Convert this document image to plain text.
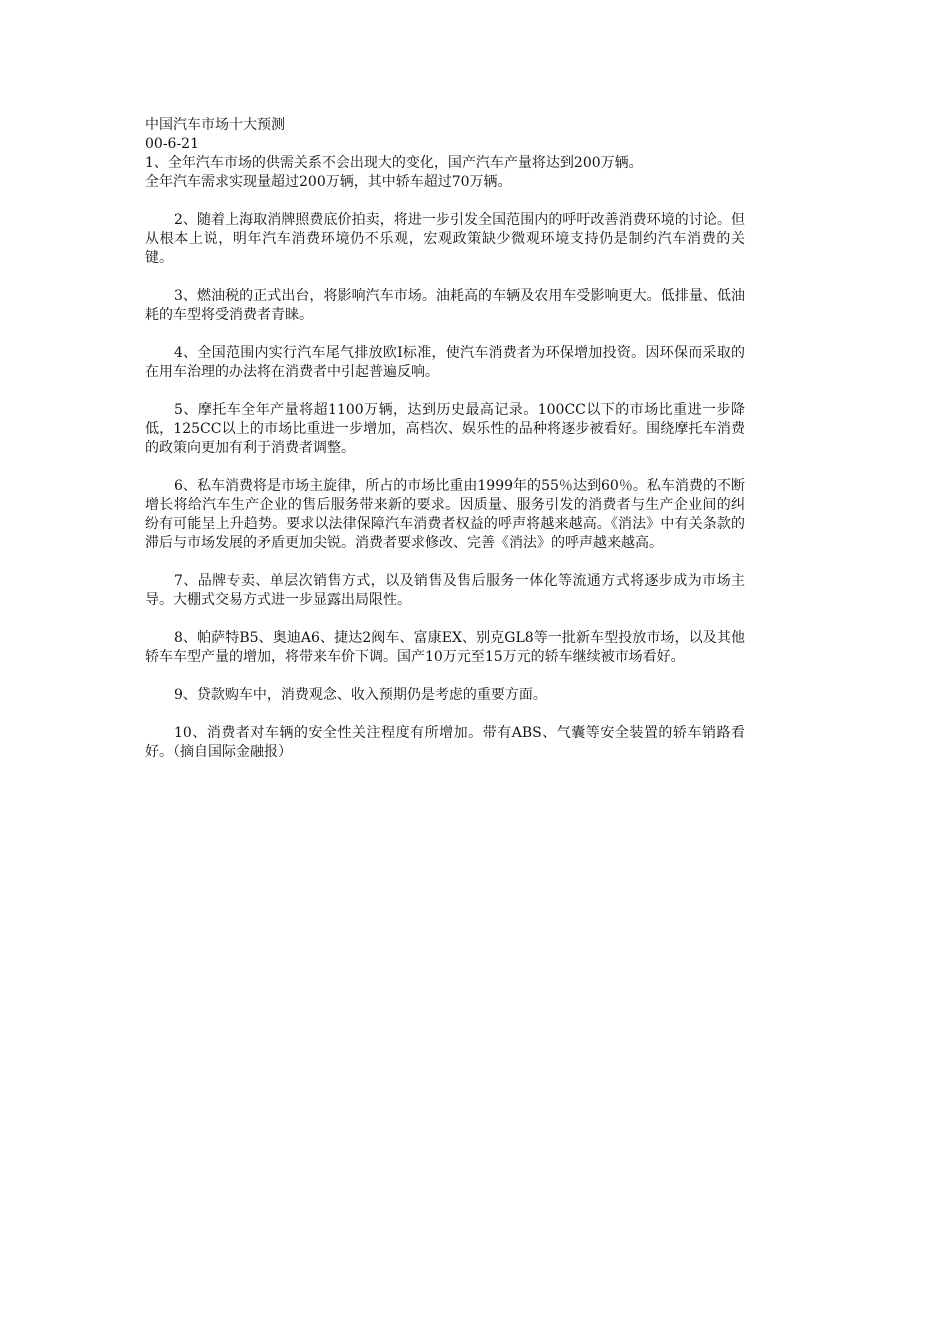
中国汽车市场十大预测
00-6-21
1、全年汽车市场的供需关系不会出现大的变化，国产汽车产量将达到200万辆。
全年汽车需求实现量超过200万辆，其中轿车超过70万辆。
2、随着上海取消牌照费底价拍卖，将进一步引发全国范围内的呼吁改善消费环境的讨论。但从根本上说，明年汽车消费环境仍不乐观，宏观政策缺少微观环境支持仍是制约汽车消费的关键。
3、燃油税的正式出台，将影响汽车市场。油耗高的车辆及农用车受影响更大。低排量、低油耗的车型将受消费者青睐。
4、全国范围内实行汽车尾气排放欧I标准，使汽车消费者为环保增加投资。因环保而采取的在用车治理的办法将在消费者中引起普遍反响。
5、摩托车全年产量将超1100万辆，达到历史最高记录。100CC以下的市场比重进一步降低，125CC以上的市场比重进一步增加，高档次、娱乐性的品种将逐步被看好。围绕摩托车消费的政策向更加有利于消费者调整。
6、私车消费将是市场主旋律，所占的市场比重由1999年的55％达到60％。私车消费的不断增长将给汽车生产企业的售后服务带来新的要求。因质量、服务引发的消费者与生产企业间的纠纷有可能呈上升趋势。要求以法律保障汽车消费者权益的呼声将越来越高。《消法》中有关条款的滞后与市场发展的矛盾更加尖锐。消费者要求修改、完善《消法》的呼声越来越高。
7、品牌专卖、单层次销售方式，以及销售及售后服务一体化等流通方式将逐步成为市场主导。大棚式交易方式进一步显露出局限性。
8、帕萨特B5、奥迪A6、捷达2阀车、富康EX、别克GL8等一批新车型投放市场，以及其他轿车车型产量的增加，将带来车价下调。国产10万元至15万元的轿车继续被市场看好。
9、贷款购车中，消费观念、收入预期仍是考虑的重要方面。
10、消费者对车辆的安全性关注程度有所增加。带有ABS、气囊等安全装置的轿车销路看好。（摘自国际金融报）
